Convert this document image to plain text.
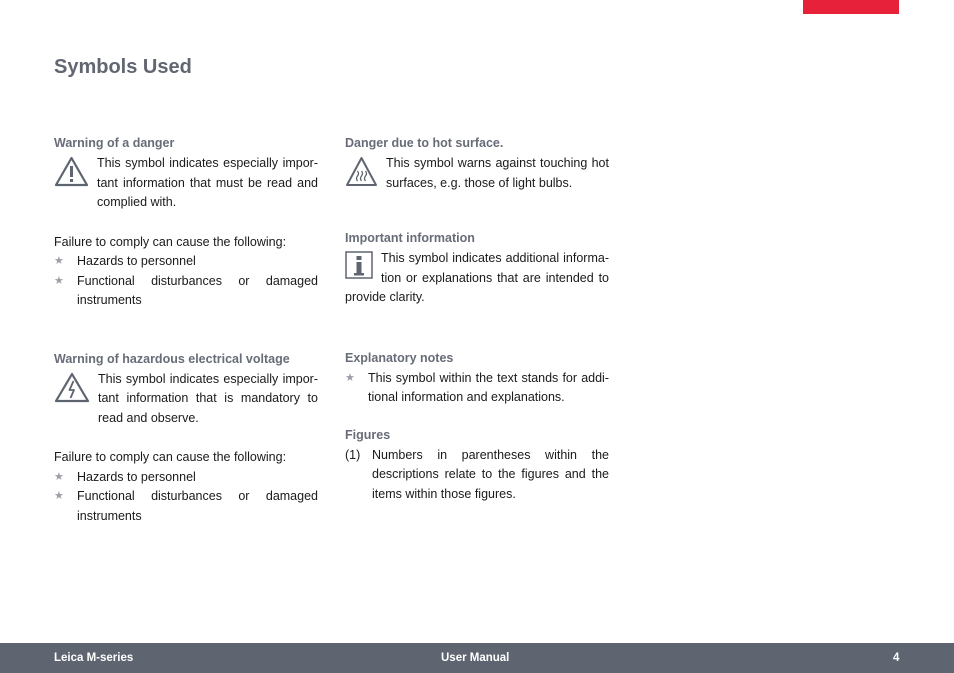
Symbols Used
Warning of a danger
This symbol indicates especially impor-tant information that must be read and complied with.
Failure to comply can cause the following:
★ Hazards to personnel
★ Functional disturbances or damaged instruments
Warning of hazardous electrical voltage
This symbol indicates especially impor-tant information that is mandatory to read and observe.
Failure to comply can cause the following:
★ Hazards to personnel
★ Functional disturbances or damaged instruments
Danger due to hot surface.
This symbol warns against touching hot surfaces, e.g. those of light bulbs.
Important information
This symbol indicates additional informa-tion or explanations that are intended to provide clarity.
Explanatory notes
★ This symbol within the text stands for addi-tional information and explanations.
Figures
(1) Numbers in parentheses within the descriptions relate to the figures and the items within those figures.
Leica M-series	User Manual	4
